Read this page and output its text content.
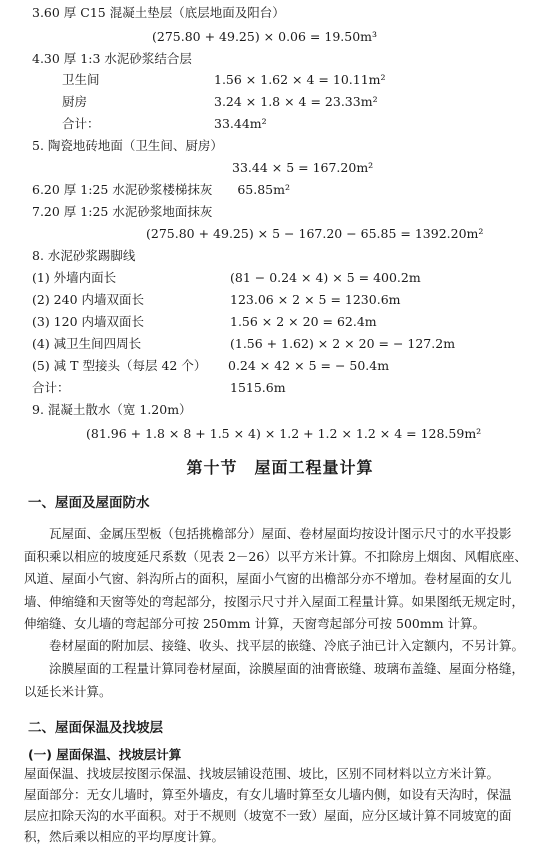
3.60 厚 C15 混凝土垫层（底层地面及阳台）
(275.80 + 49.25) × 0.06 = 19.50m³
4.30 厚 1:3 水泥砂浆结合层
卫生间	1.56 × 1.62 × 4 = 10.11m²
厨房	3.24 × 1.8 × 4 = 23.33m²
合计：	33.44m²
5. 陶瓷地砖地面（卫生间、厨房）
33.44 × 5 = 167.20m²
6.20 厚 1:25 水泥砂浆楼梯抹灰　　65.85m²
7.20 厚 1:25 水泥砂浆地面抹灰
(275.80 + 49.25) × 5 − 167.20 − 65.85 = 1392.20m²
8. 水泥砂浆踢脚线
(1) 外墙内面长	(81 − 0.24 × 4) × 5 = 400.2m
(2) 240 内墙双面长	123.06 × 2 × 5 = 1230.6m
(3) 120 内墙双面长	1.56 × 2 × 20 = 62.4m
(4) 减卫生间四周长	(1.56 + 1.62) × 2 × 20 = − 127.2m
(5) 减 T 型接头（每层 42 个） 0.24 × 42 × 5 = − 50.4m
合计：	1515.6m
9. 混凝土散水（宽 1.20m）
(81.96 + 1.8 × 8 + 1.5 × 4) × 1.2 + 1.2 × 1.2 × 4 = 128.59m²
第十节　屋面工程量计算
一、屋面及屋面防水
瓦屋面、金属压型板（包括挑檐部分）屋面、卷材屋面均按设计图示尺寸的水平投影
面积乘以相应的坡度延尺系数（见表 2－26）以平方米计算。不扣除房上烟囱、风帽底座、
风道、屋面小气窗、斜沟所占的面积，屋面小气窗的出檐部分亦不增加。卷材屋面的女儿
墙、伸缩缝和天窗等处的弯起部分，按图示尺寸并入屋面工程量计算。如果图纸无规定时，
伸缩缝、女儿墙的弯起部分可按 250mm 计算，天窗弯起部分可按 500mm 计算。
卷材屋面的附加层、接缝、收头、找平层的嵌缝、冷底子油已计入定额内，不另计算。
涂膜屋面的工程量计算同卷材屋面，涂膜屋面的油膏嵌缝、玻璃布盖缝、屋面分格缝，
以延长米计算。
二、屋面保温及找坡层
(一) 屋面保温、找坡层计算
屋面保温、找坡层按图示保温、找坡层铺设范围、坡比，区别不同材料以立方米计算。
屋面部分：无女儿墙时，算至外墙皮，有女儿墙时算至女儿墙内侧，如设有天沟时，保温
层应扣除天沟的水平面积。对于不规则（坡宽不一致）屋面，应分区域计算不同坡宽的面
积，然后乘以相应的平均厚度计算。
